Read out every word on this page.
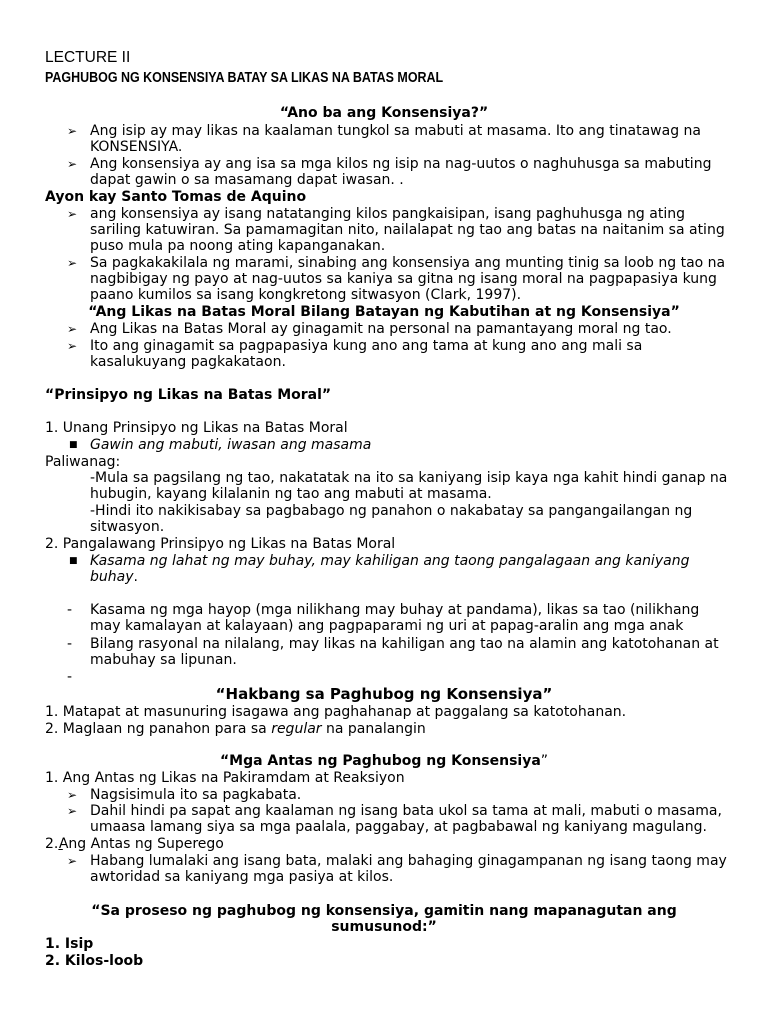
LECTURE II
PAGHUBOG NG KONSENSIYA BATAY SA LIKAS NA BATAS MORAL
“Ano ba ang Konsensiya?”
➢ Ang isip ay may likas na kaalaman tungkol sa mabuti at masama. Ito ang tinatawag na
KONSENSIYA.
➢ Ang konsensiya ay ang isa sa mga kilos ng isip na nag-uutos o naghuhusga sa mabuting
dapat gawin o sa masamang dapat iwasan. .
Ayon kay Santo Tomas de Aquino
➢ ang konsensiya ay isang natatanging kilos pangkaisipan, isang paghuhusga ng ating
sariling katuwiran. Sa pamamagitan nito, nailalapat ng tao ang batas na naitanim sa ating
puso mula pa noong ating kapanganakan.
➢ Sa pagkakakilala ng marami, sinabing ang konsensiya ang munting tinig sa loob ng tao na
nagbibigay ng payo at nag-uutos sa kaniya sa gitna ng isang moral na pagpapasiya kung
paano kumilos sa isang kongkretong sitwasyon (Clark, 1997).
“Ang Likas na Batas Moral Bilang Batayan ng Kabutihan at ng Konsensiya”
➢ Ang Likas na Batas Moral ay ginagamit na personal na pamantayang moral ng tao.
➢ Ito ang ginagamit sa pagpapasiya kung ano ang tama at kung ano ang mali sa
kasalukuyang pagkakataon.
“Prinsipyo ng Likas na Batas Moral”
1. Unang Prinsipyo ng Likas na Batas Moral
■ Gawin ang mabuti, iwasan ang masama
Paliwanag:
-Mula sa pagsilang ng tao, nakatatak na ito sa kaniyang isip kaya nga kahit hindi ganap na
hubugin, kayang kilalanin ng tao ang mabuti at masama.
-Hindi ito nakikisabay sa pagbabago ng panahon o nakabatay sa pangangailangan ng
sitwasyon.
2. Pangalawang Prinsipyo ng Likas na Batas Moral
■ Kasama ng lahat ng may buhay, may kahiligan ang taong pangalagaan ang kaniyang
buhay.
- Kasama ng mga hayop (mga nilikhang may buhay at pandama), likas sa tao (nilikhang
may kamalayan at kalayaan) ang pagpaparami ng uri at papag-aralin ang mga anak
- Bilang rasyonal na nilalang, may likas na kahiligan ang tao na alamin ang katotohanan at
mabuhay sa lipunan.
-
“Hakbang sa Paghubog ng Konsensiya”
1. Matapat at masunuring isagawa ang paghahanap at paggalang sa katotohanan.
2. Maglaan ng panahon para sa regular na panalangin
“Mga Antas ng Paghubog ng Konsensiya”
1. Ang Antas ng Likas na Pakiramdam at Reaksiyon
➢ Nagsisimula ito sa pagkabata.
➢ Dahil hindi pa sapat ang kaalaman ng isang bata ukol sa tama at mali, mabuti o masama,
umaasa lamang siya sa mga paalala, paggabay, at pagbabawal ng kaniyang magulang.
2. Ang Antas ng Superego
➢ Habang lumalaki ang isang bata, malaki ang bahaging ginagampanan ng isang taong may
awtoridad sa kaniyang mga pasiya at kilos.
“Sa proseso ng paghubog ng konsensiya, gamitin nang mapanagutan ang
sumusunod:”
1. Isip
2. Kilos-loob
